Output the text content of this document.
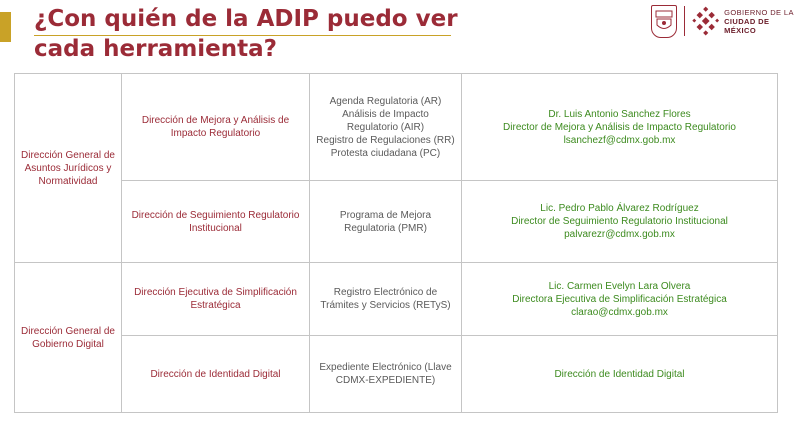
¿Con quién de la ADIP puedo ver cada herramienta?
GOBIERNO DE LA
CIUDAD DE MÉXICO
Dirección General de Asuntos Jurídicos y Normatividad	Dirección de Mejora y Análisis de Impacto Regulatorio	Agenda Regulatoria (AR)
Análisis de Impacto Regulatorio (AIR)
Registro de Regulaciones (RR)
Protesta ciudadana (PC)	Dr. Luis Antonio Sanchez Flores
Director de Mejora y Análisis de Impacto Regulatorio
lsanchezf@cdmx.gob.mx

	Dirección de Seguimiento Regulatorio Institucional	Programa de Mejora Regulatoria (PMR)	Lic. Pedro Pablo Álvarez Rodríguez
Director de Seguimiento Regulatorio Institucional
palvarezr@cdmx.gob.mx

Dirección General de Gobierno Digital	Dirección Ejecutiva de Simplificación Estratégica	Registro Electrónico de Trámites y Servicios (RETyS)	Lic. Carmen Evelyn Lara Olvera
Directora Ejecutiva de Simplificación Estratégica
clarao@cdmx.gob.mx

	Dirección de Identidad Digital	Expediente Electrónico (Llave CDMX-EXPEDIENTE)	Dirección de Identidad Digital
